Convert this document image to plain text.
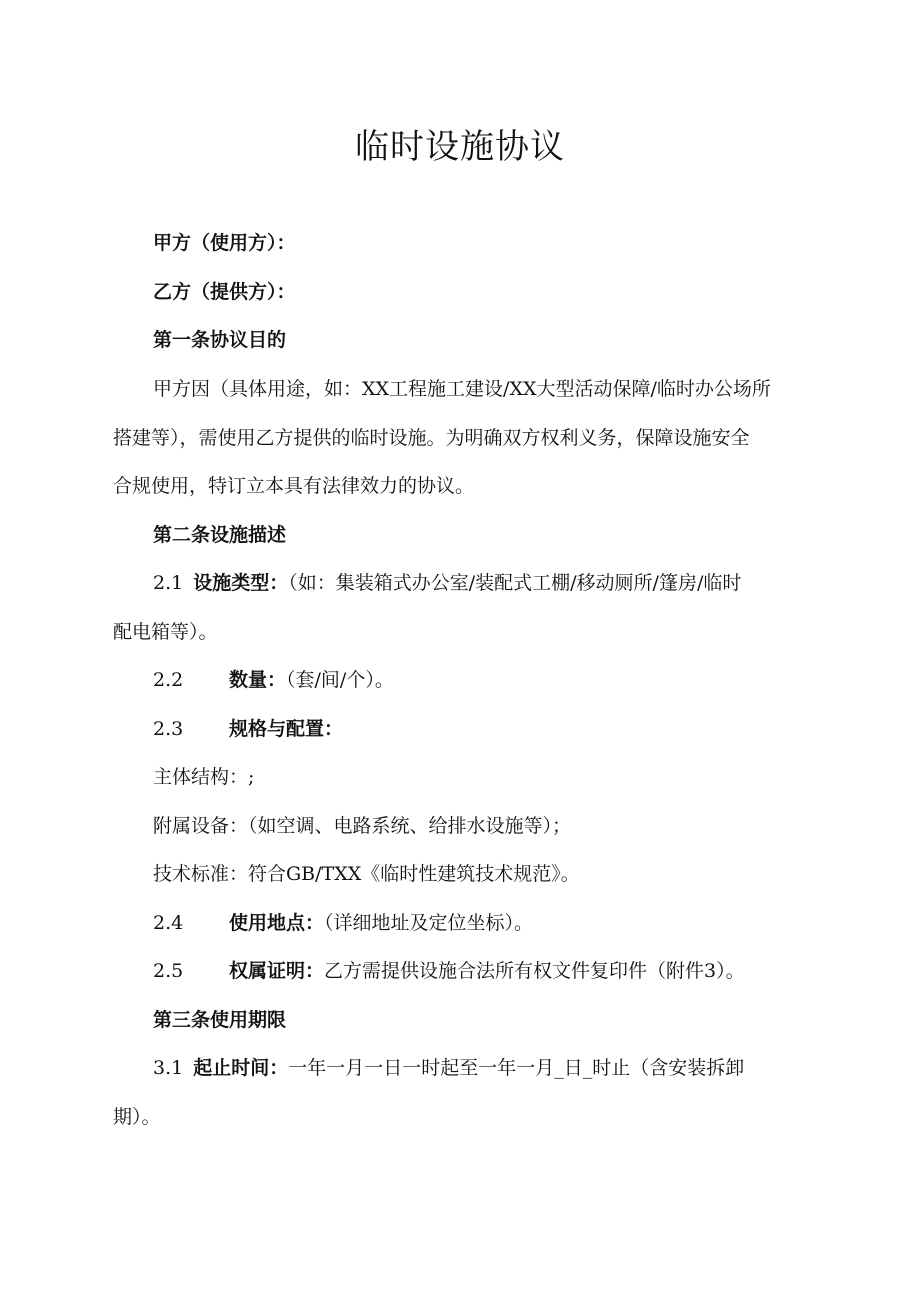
临时设施协议

甲方（使用方）：

乙方（提供方）：

第一条协议目的

甲方因（具体用途，如：XX工程施工建设/XX大型活动保障/临时办公场所

搭建等），需使用乙方提供的临时设施。为明确双方权利义务，保障设施安全

合规使用，特订立本具有法律效力的协议。

第二条设施描述

2.1 设施类型：（如：集装箱式办公室/装配式工棚/移动厕所/篷房/临时

配电箱等）。

2.2 数量：（套/间/个）。

2.3 规格与配置：

主体结构：;

附属设备：（如空调、电路系统、给排水设施等）；

技术标准：符合GB/TXX《临时性建筑技术规范》。

2.4 使用地点：（详细地址及定位坐标）。

2.5 权属证明：乙方需提供设施合法所有权文件复印件（附件3）。

第三条使用期限

3.1 起止时间：一年一月一日一时起至一年一月_日_时止（含安装拆卸

期）。
